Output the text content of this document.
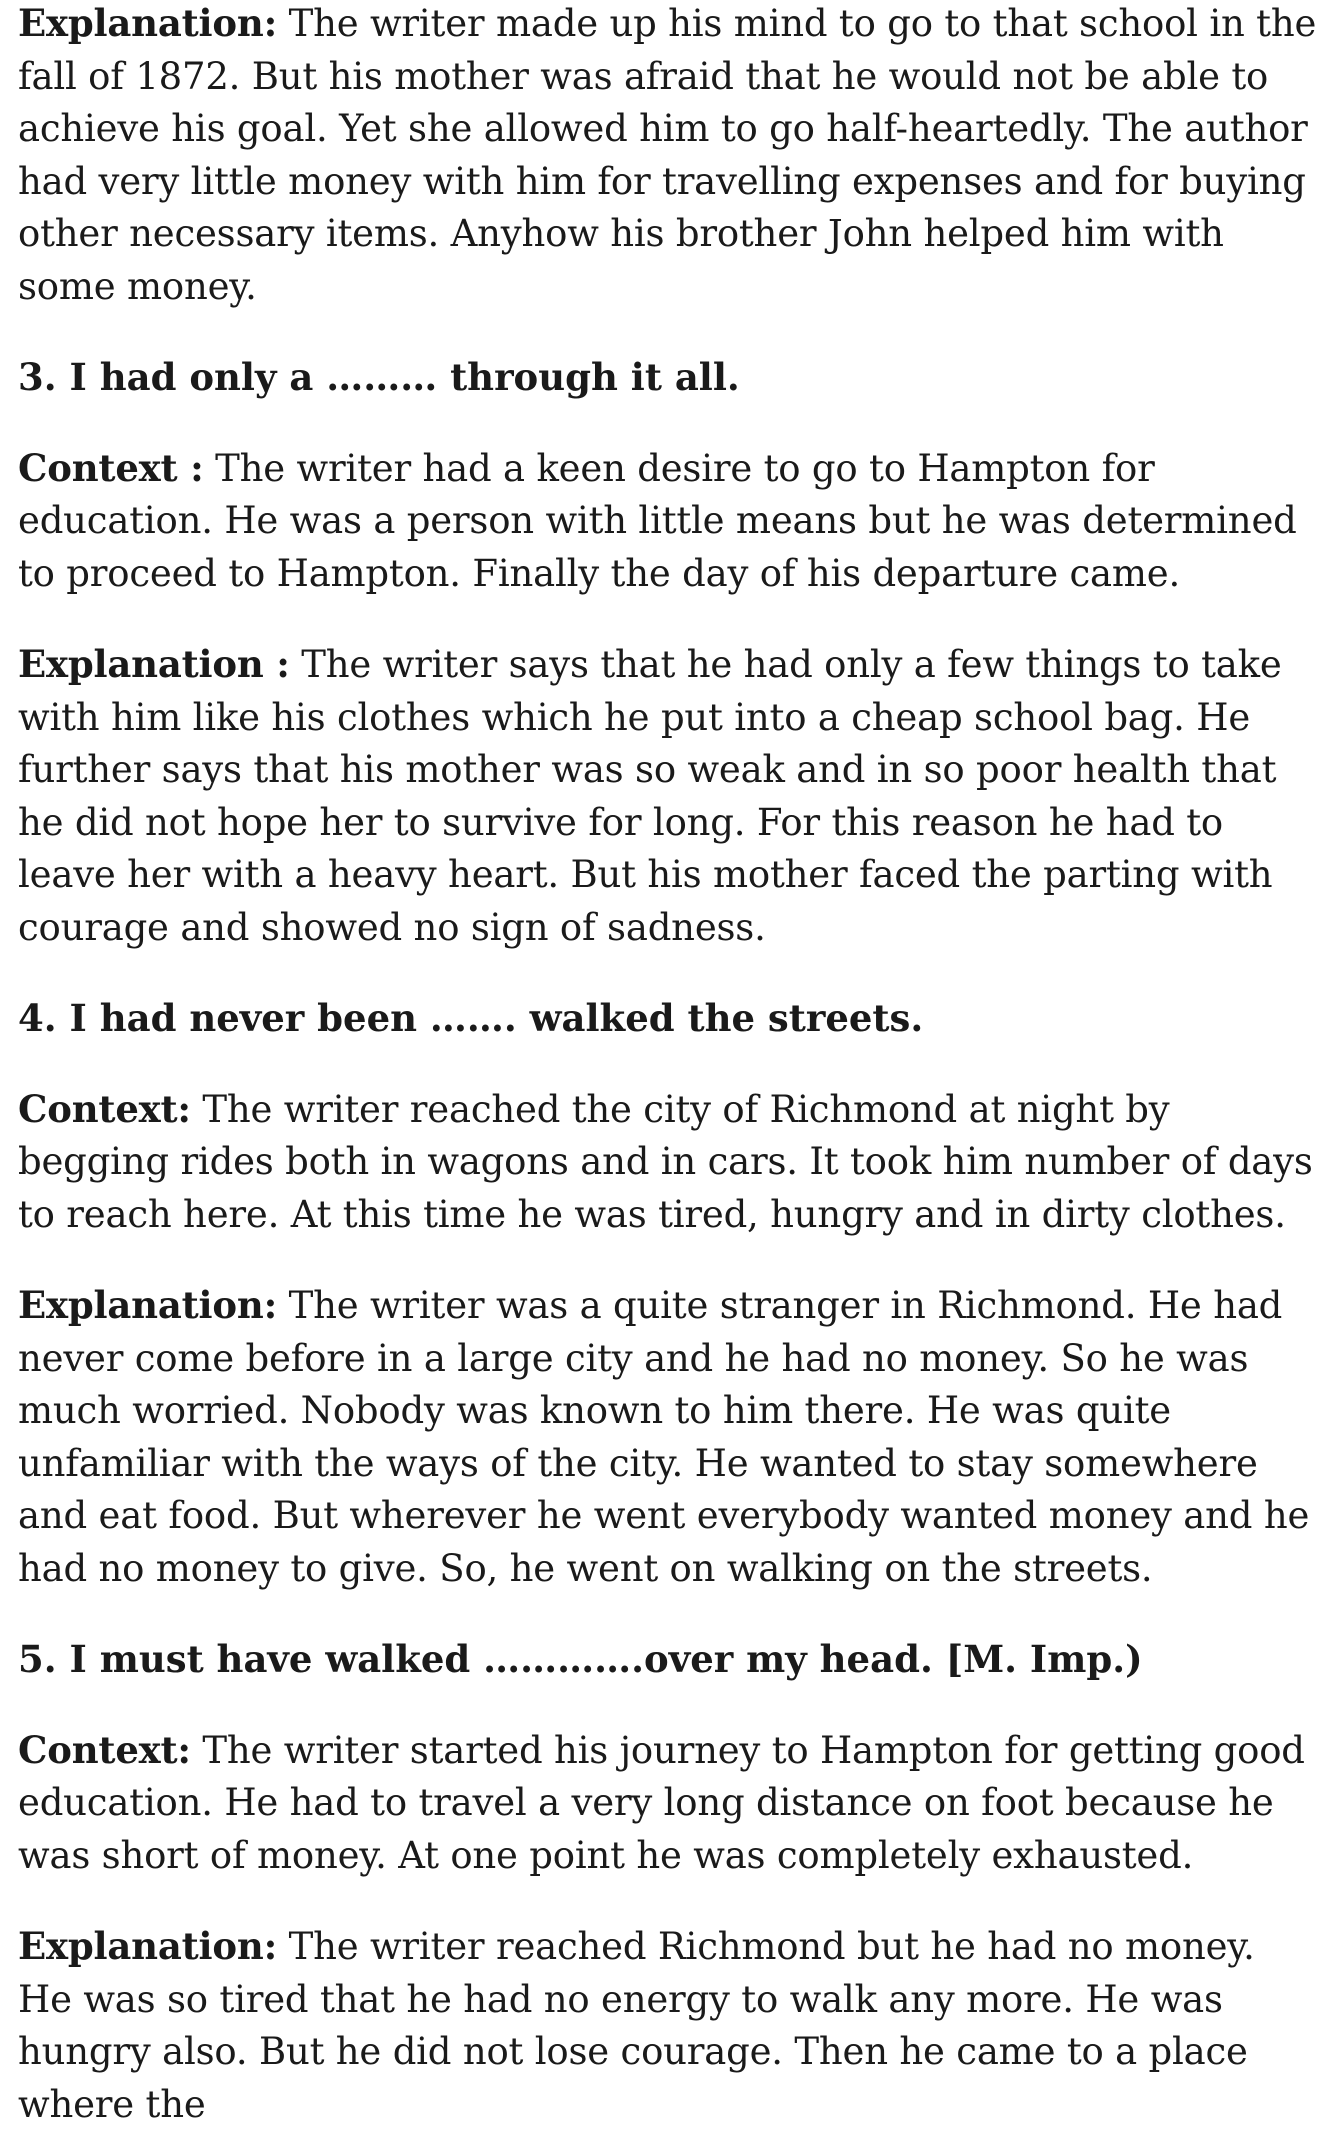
Explanation: The writer made up his mind to go to that school in the fall of 1872. But his mother was afraid that he would not be able to achieve his goal. Yet she allowed him to go half-heartedly. The author had very little money with him for travelling expenses and for buying other necessary items. Anyhow his brother John helped him with some money.

3. I had only a ……… through it all.

Context : The writer had a keen desire to go to Hampton for education. He was a person with little means but he was determined to proceed to Hampton. Finally the day of his departure came.

Explanation : The writer says that he had only a few things to take with him like his clothes which he put into a cheap school bag. He further says that his mother was so weak and in so poor health that he did not hope her to survive for long. For this reason he had to leave her with a heavy heart. But his mother faced the parting with courage and showed no sign of sadness.

4. I had never been ……. walked the streets.

Context: The writer reached the city of Richmond at night by begging rides both in wagons and in cars. It took him number of days to reach here. At this time he was tired, hungry and in dirty clothes.

Explanation: The writer was a quite stranger in Richmond. He had never come before in a large city and he had no money. So he was much worried. Nobody was known to him there. He was quite unfamiliar with the ways of the city. He wanted to stay somewhere and eat food. But wherever he went everybody wanted money and he had no money to give. So, he went on walking on the streets.

5. I must have walked ………….over my head. [M. Imp.)

Context: The writer started his journey to Hampton for getting good education. He had to travel a very long distance on foot because he was short of money. At one point he was completely exhausted.

Explanation: The writer reached Richmond but he had no money. He was so tired that he had no energy to walk any more. He was hungry also. But he did not lose courage. Then he came to a place where the
